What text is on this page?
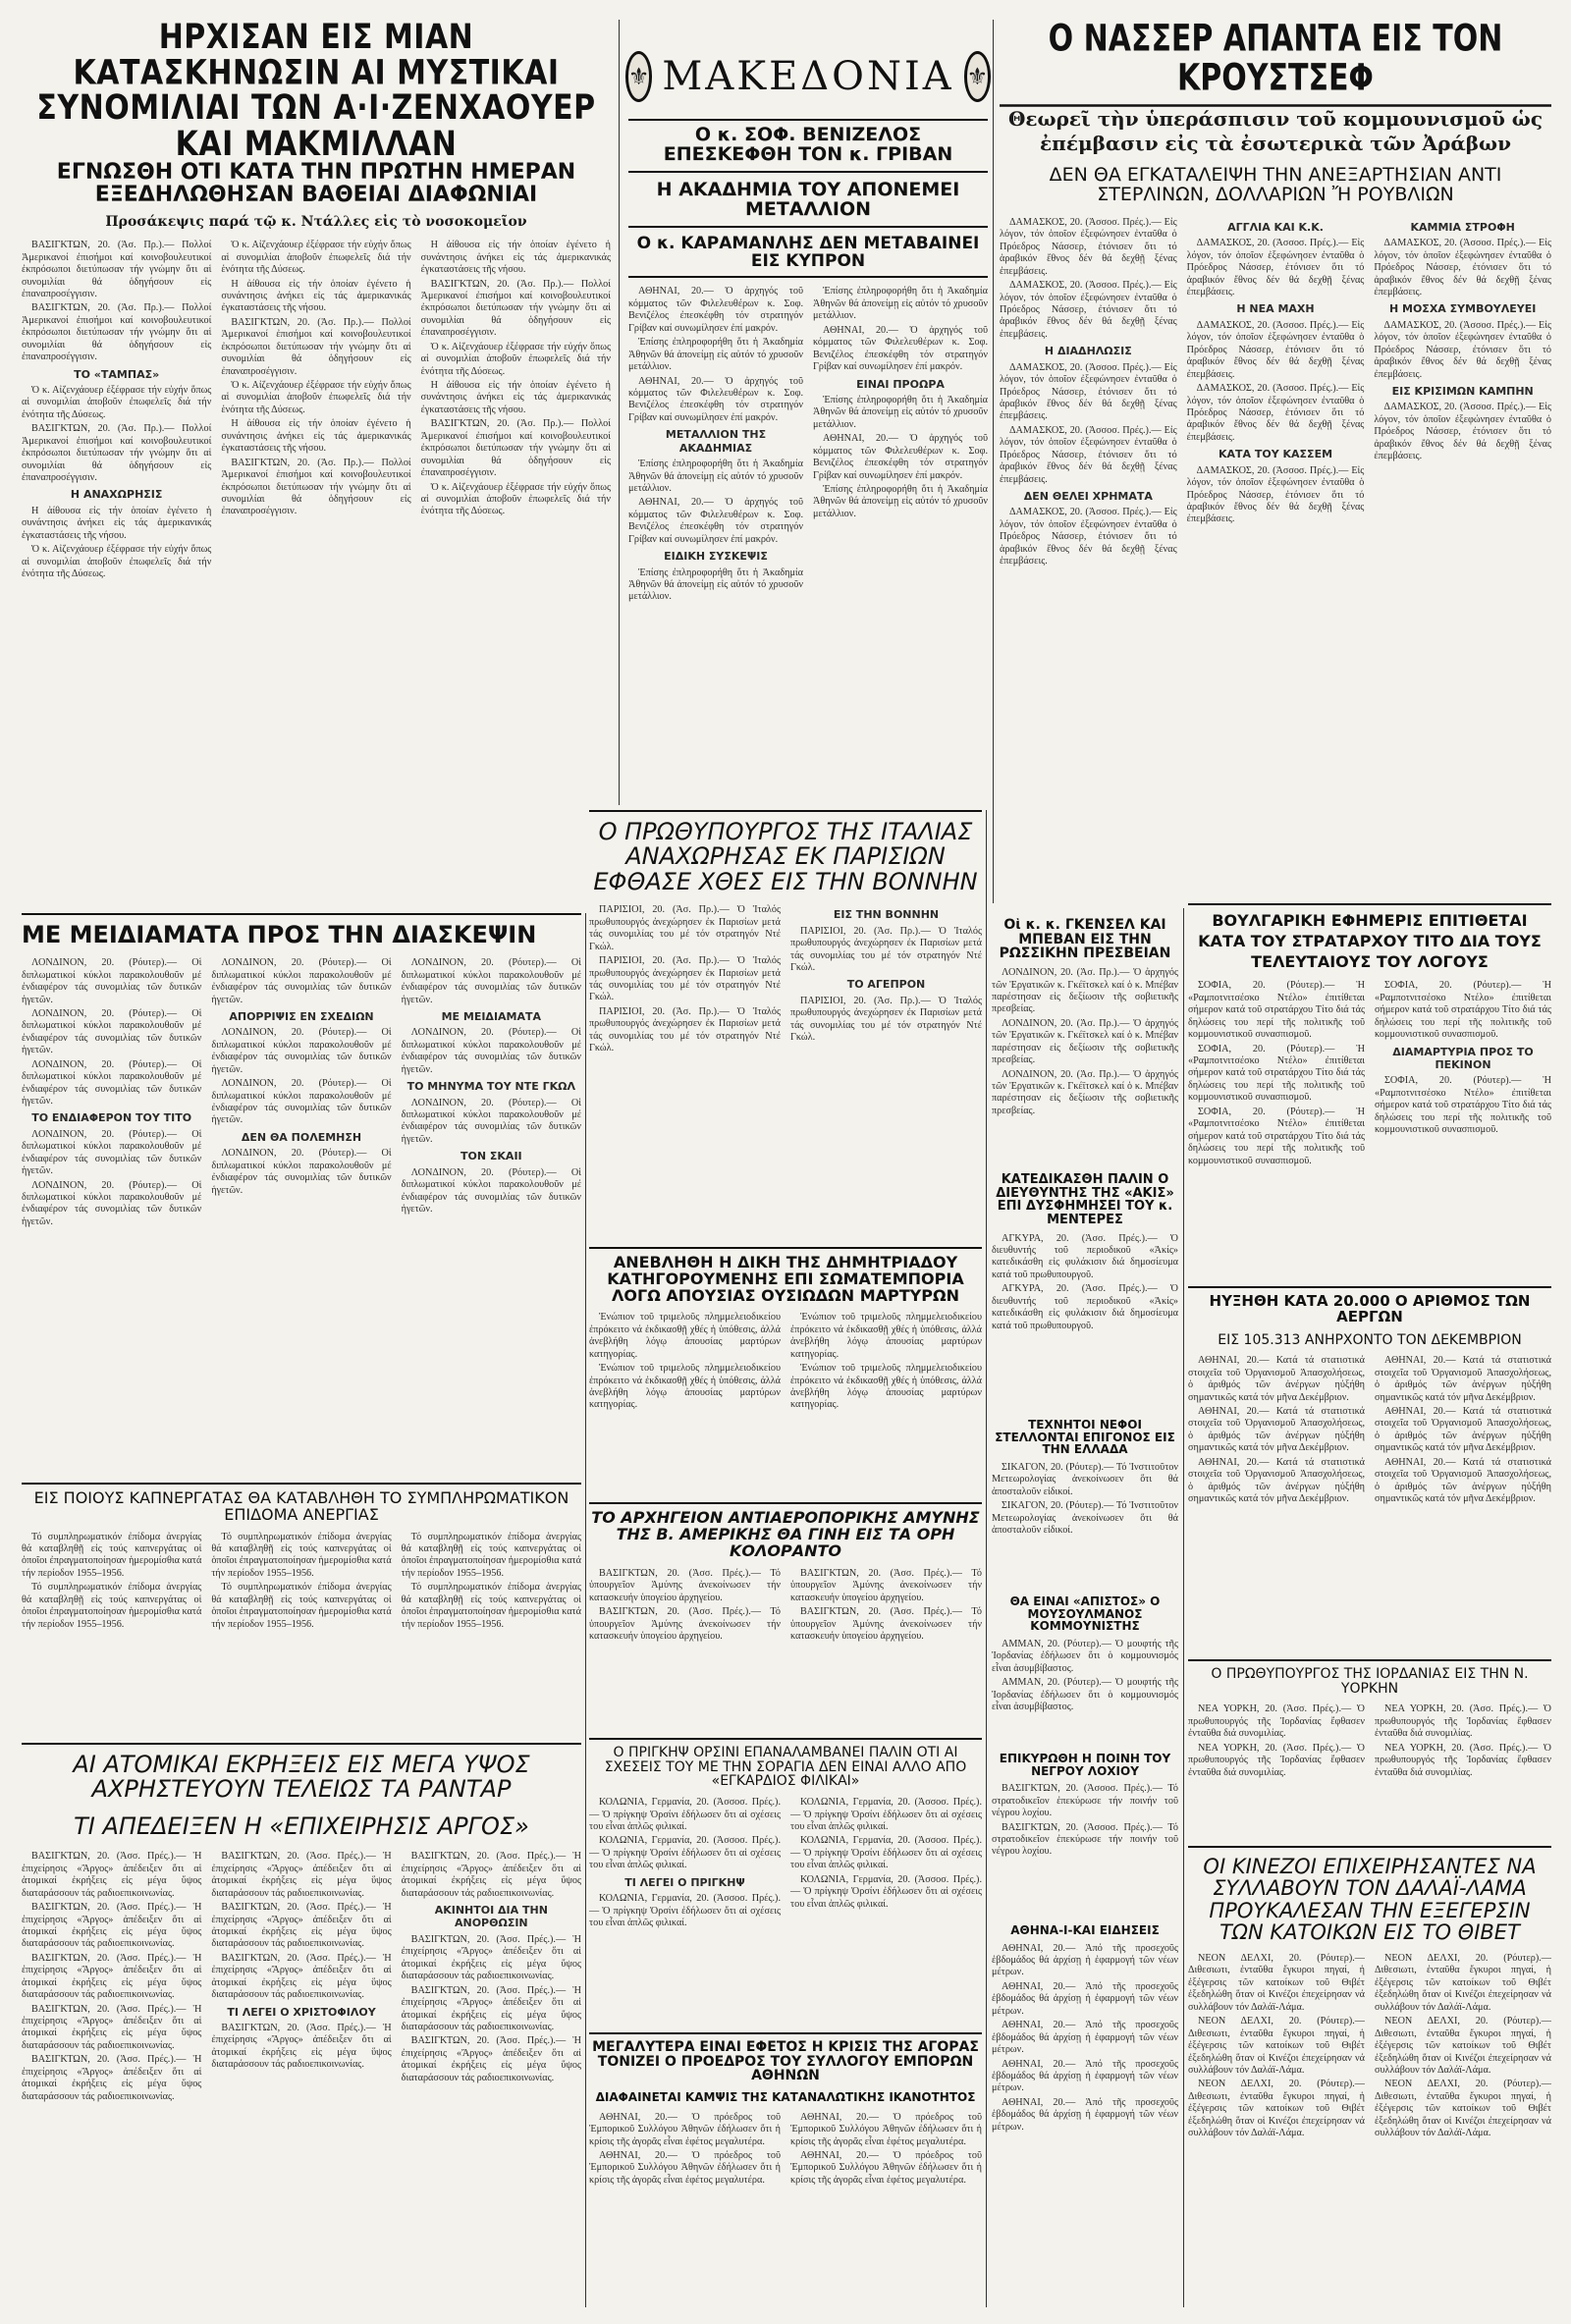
ΗΡΧΙΣΑΝ ΕΙΣ ΜΙΑΝ ΚΑΤΑΣΚΗΝΩΣΙΝ ΑΙ ΜΥΣΤΙΚΑΙ ΣΥΝΟΜΙΛΙΑΙ ΤΩΝ Α·Ι·ΖΕΝΧΑΟΥΕΡ ΚΑΙ ΜΑΚΜΙΛΛΑΝ
ΕΓΝΩΣΘΗ ΟΤΙ ΚΑΤΑ ΤΗΝ ΠΡΩΤΗΝ ΗΜΕΡΑΝ ΕΞΕΔΗΛΩΘΗΣΑΝ ΒΑΘΕΙΑΙ ΔΙΑΦΩΝΙΑΙ
Προσάκεψις παρά τῷ κ. Ντάλλες εἰς τὸ νοσοκομεῖον

ΒΑΣΙΓΚΤΩΝ, 20. (Ἀσ. Πρ.).— Πολλοί Ἀμερικανοί ἐπισήμοι καί κοινοβουλευτικοί ἐκπρόσωποι διετύπωσαν τήν γνώμην ὅτι αἱ συνομιλίαι θά ὁδηγήσουν εἰς ἐπαναπροσέγγισιν.

ΒΑΣΙΓΚΤΩΝ, 20. (Ἀσ. Πρ.).— Πολλοί Ἀμερικανοί ἐπισήμοι καί κοινοβουλευτικοί ἐκπρόσωποι διετύπωσαν τήν γνώμην ὅτι αἱ συνομιλίαι θά ὁδηγήσουν εἰς ἐπαναπροσέγγισιν.

ΤΟ «ΤΑΜΠΑΣ»

Ὁ κ. Αἰζενχάουερ ἐξέφρασε τήν εὐχήν ὅπως αἱ συνομιλίαι ἀποβοῦν ἐπωφελεῖς διά τήν ἑνότητα τῆς Δύσεως.

ΒΑΣΙΓΚΤΩΝ, 20. (Ἀσ. Πρ.).— Πολλοί Ἀμερικανοί ἐπισήμοι καί κοινοβουλευτικοί ἐκπρόσωποι διετύπωσαν τήν γνώμην ὅτι αἱ συνομιλίαι θά ὁδηγήσουν εἰς ἐπαναπροσέγγισιν.

Η ΑΝΑΧΩΡΗΣΙΣ

Η ἀίθουσα εἰς τήν ὁποίαν ἐγένετο ἡ συνάντησις ἀνήκει εἰς τάς ἀμερικανικάς ἐγκαταστάσεις τῆς νήσου.

Ὁ κ. Αἰζενχάουερ ἐξέφρασε τήν εὐχήν ὅπως αἱ συνομιλίαι ἀποβοῦν ἐπωφελεῖς διά τήν ἑνότητα τῆς Δύσεως.

Ὁ κ. Αἰζενχάουερ ἐξέφρασε τήν εὐχήν ὅπως αἱ συνομιλίαι ἀποβοῦν ἐπωφελεῖς διά τήν ἑνότητα τῆς Δύσεως.

Η ἀίθουσα εἰς τήν ὁποίαν ἐγένετο ἡ συνάντησις ἀνήκει εἰς τάς ἀμερικανικάς ἐγκαταστάσεις τῆς νήσου.

ΒΑΣΙΓΚΤΩΝ, 20. (Ἀσ. Πρ.).— Πολλοί Ἀμερικανοί ἐπισήμοι καί κοινοβουλευτικοί ἐκπρόσωποι διετύπωσαν τήν γνώμην ὅτι αἱ συνομιλίαι θά ὁδηγήσουν εἰς ἐπαναπροσέγγισιν.

Ὁ κ. Αἰζενχάουερ ἐξέφρασε τήν εὐχήν ὅπως αἱ συνομιλίαι ἀποβοῦν ἐπωφελεῖς διά τήν ἑνότητα τῆς Δύσεως.

Η ἀίθουσα εἰς τήν ὁποίαν ἐγένετο ἡ συνάντησις ἀνήκει εἰς τάς ἀμερικανικάς ἐγκαταστάσεις τῆς νήσου.

ΒΑΣΙΓΚΤΩΝ, 20. (Ἀσ. Πρ.).— Πολλοί Ἀμερικανοί ἐπισήμοι καί κοινοβουλευτικοί ἐκπρόσωποι διετύπωσαν τήν γνώμην ὅτι αἱ συνομιλίαι θά ὁδηγήσουν εἰς ἐπαναπροσέγγισιν.

Η ἀίθουσα εἰς τήν ὁποίαν ἐγένετο ἡ συνάντησις ἀνήκει εἰς τάς ἀμερικανικάς ἐγκαταστάσεις τῆς νήσου.

ΒΑΣΙΓΚΤΩΝ, 20. (Ἀσ. Πρ.).— Πολλοί Ἀμερικανοί ἐπισήμοι καί κοινοβουλευτικοί ἐκπρόσωποι διετύπωσαν τήν γνώμην ὅτι αἱ συνομιλίαι θά ὁδηγήσουν εἰς ἐπαναπροσέγγισιν.

Ὁ κ. Αἰζενχάουερ ἐξέφρασε τήν εὐχήν ὅπως αἱ συνομιλίαι ἀποβοῦν ἐπωφελεῖς διά τήν ἑνότητα τῆς Δύσεως.

Η ἀίθουσα εἰς τήν ὁποίαν ἐγένετο ἡ συνάντησις ἀνήκει εἰς τάς ἀμερικανικάς ἐγκαταστάσεις τῆς νήσου.

ΒΑΣΙΓΚΤΩΝ, 20. (Ἀσ. Πρ.).— Πολλοί Ἀμερικανοί ἐπισήμοι καί κοινοβουλευτικοί ἐκπρόσωποι διετύπωσαν τήν γνώμην ὅτι αἱ συνομιλίαι θά ὁδηγήσουν εἰς ἐπαναπροσέγγισιν.

Ὁ κ. Αἰζενχάουερ ἐξέφρασε τήν εὐχήν ὅπως αἱ συνομιλίαι ἀποβοῦν ἐπωφελεῖς διά τήν ἑνότητα τῆς Δύσεως.

⚜ ΜΑΚΕΔΟΝΙΑ ⚜
Ο κ. ΣΟΦ. ΒΕΝΙΖΕΛΟΣ ΕΠΕΣΚΕΦΘΗ ΤΟΝ κ. ΓΡΙΒΑΝ
Η ΑΚΑΔΗΜΙΑ ΤΟΥ ΑΠΟΝΕΜΕΙ ΜΕΤΑΛΛΙΟΝ
Ο κ. ΚΑΡΑΜΑΝΛΗΣ ΔΕΝ ΜΕΤΑΒΑΙΝΕΙ ΕΙΣ ΚΥΠΡΟΝ

ΑΘΗΝΑΙ, 20.— Ὁ ἀρχηγός τοῦ κόμματος τῶν Φιλελευθέρων κ. Σοφ. Βενιζέλος ἐπεσκέφθη τόν στρατηγόν Γρίβαν καί συνωμίλησεν ἐπί μακρόν.

Ἐπίσης ἐπληροφορήθη ὅτι ἡ Ἀκαδημία Ἀθηνῶν θά ἀπονείμῃ εἰς αὐτόν τό χρυσοῦν μετάλλιον.

ΑΘΗΝΑΙ, 20.— Ὁ ἀρχηγός τοῦ κόμματος τῶν Φιλελευθέρων κ. Σοφ. Βενιζέλος ἐπεσκέφθη τόν στρατηγόν Γρίβαν καί συνωμίλησεν ἐπί μακρόν.

ΜΕΤΑΛΛΙΟΝ ΤΗΣ ΑΚΑΔΗΜΙΑΣ

Ἐπίσης ἐπληροφορήθη ὅτι ἡ Ἀκαδημία Ἀθηνῶν θά ἀπονείμῃ εἰς αὐτόν τό χρυσοῦν μετάλλιον.

ΑΘΗΝΑΙ, 20.— Ὁ ἀρχηγός τοῦ κόμματος τῶν Φιλελευθέρων κ. Σοφ. Βενιζέλος ἐπεσκέφθη τόν στρατηγόν Γρίβαν καί συνωμίλησεν ἐπί μακρόν.

ΕΙΔΙΚΗ ΣΥΣΚΕΨΙΣ

Ἐπίσης ἐπληροφορήθη ὅτι ἡ Ἀκαδημία Ἀθηνῶν θά ἀπονείμῃ εἰς αὐτόν τό χρυσοῦν μετάλλιον.

Ἐπίσης ἐπληροφορήθη ὅτι ἡ Ἀκαδημία Ἀθηνῶν θά ἀπονείμῃ εἰς αὐτόν τό χρυσοῦν μετάλλιον.

ΑΘΗΝΑΙ, 20.— Ὁ ἀρχηγός τοῦ κόμματος τῶν Φιλελευθέρων κ. Σοφ. Βενιζέλος ἐπεσκέφθη τόν στρατηγόν Γρίβαν καί συνωμίλησεν ἐπί μακρόν.

ΕΙΝΑΙ ΠΡΟΩΡΑ

Ἐπίσης ἐπληροφορήθη ὅτι ἡ Ἀκαδημία Ἀθηνῶν θά ἀπονείμῃ εἰς αὐτόν τό χρυσοῦν μετάλλιον.

ΑΘΗΝΑΙ, 20.— Ὁ ἀρχηγός τοῦ κόμματος τῶν Φιλελευθέρων κ. Σοφ. Βενιζέλος ἐπεσκέφθη τόν στρατηγόν Γρίβαν καί συνωμίλησεν ἐπί μακρόν.

Ἐπίσης ἐπληροφορήθη ὅτι ἡ Ἀκαδημία Ἀθηνῶν θά ἀπονείμῃ εἰς αὐτόν τό χρυσοῦν μετάλλιον.

Ο ΝΑΣΣΕΡ ΑΠΑΝΤΑ ΕΙΣ ΤΟΝ ΚΡΟΥΣΤΣΕΦ
Θεωρεῖ τὴν ὑπεράσπισιν τοῦ κομμουνισμοῦ ὡς ἐπέμβασιν εἰς τὰ ἐσωτερικὰ τῶν Ἀράβων
ΔΕΝ ΘΑ ΕΓΚΑΤΑΛΕΙΨΗ ΤΗΝ ΑΝΕΞΑΡΤΗΣΙΑΝ ΑΝΤΙ ΣΤΕΡΛΙΝΩΝ, ΔΟΛΛΑΡΙΩΝ Ἤ ΡΟΥΒΛΙΩΝ

ΔΑΜΑΣΚΟΣ, 20. (Ἀσσοσ. Πρές.).— Εἰς λόγον, τόν ὁποῖον ἐξεφώνησεν ἐνταῦθα ὁ Πρόεδρος Νάσσερ, ἐτόνισεν ὅτι τό ἀραβικόν ἔθνος δέν θά δεχθῇ ξένας ἐπεμβάσεις.

ΔΑΜΑΣΚΟΣ, 20. (Ἀσσοσ. Πρές.).— Εἰς λόγον, τόν ὁποῖον ἐξεφώνησεν ἐνταῦθα ὁ Πρόεδρος Νάσσερ, ἐτόνισεν ὅτι τό ἀραβικόν ἔθνος δέν θά δεχθῇ ξένας ἐπεμβάσεις.

Η ΔΙΑΔΗΛΩΣΙΣ

ΔΑΜΑΣΚΟΣ, 20. (Ἀσσοσ. Πρές.).— Εἰς λόγον, τόν ὁποῖον ἐξεφώνησεν ἐνταῦθα ὁ Πρόεδρος Νάσσερ, ἐτόνισεν ὅτι τό ἀραβικόν ἔθνος δέν θά δεχθῇ ξένας ἐπεμβάσεις.

ΔΑΜΑΣΚΟΣ, 20. (Ἀσσοσ. Πρές.).— Εἰς λόγον, τόν ὁποῖον ἐξεφώνησεν ἐνταῦθα ὁ Πρόεδρος Νάσσερ, ἐτόνισεν ὅτι τό ἀραβικόν ἔθνος δέν θά δεχθῇ ξένας ἐπεμβάσεις.

ΔΕΝ ΘΕΛΕΙ ΧΡΗΜΑΤΑ

ΔΑΜΑΣΚΟΣ, 20. (Ἀσσοσ. Πρές.).— Εἰς λόγον, τόν ὁποῖον ἐξεφώνησεν ἐνταῦθα ὁ Πρόεδρος Νάσσερ, ἐτόνισεν ὅτι τό ἀραβικόν ἔθνος δέν θά δεχθῇ ξένας ἐπεμβάσεις.

ΑΓΓΛΙΑ ΚΑΙ Κ.Κ.

ΔΑΜΑΣΚΟΣ, 20. (Ἀσσοσ. Πρές.).— Εἰς λόγον, τόν ὁποῖον ἐξεφώνησεν ἐνταῦθα ὁ Πρόεδρος Νάσσερ, ἐτόνισεν ὅτι τό ἀραβικόν ἔθνος δέν θά δεχθῇ ξένας ἐπεμβάσεις.

Η ΝΕΑ ΜΑΧΗ

ΔΑΜΑΣΚΟΣ, 20. (Ἀσσοσ. Πρές.).— Εἰς λόγον, τόν ὁποῖον ἐξεφώνησεν ἐνταῦθα ὁ Πρόεδρος Νάσσερ, ἐτόνισεν ὅτι τό ἀραβικόν ἔθνος δέν θά δεχθῇ ξένας ἐπεμβάσεις.

ΔΑΜΑΣΚΟΣ, 20. (Ἀσσοσ. Πρές.).— Εἰς λόγον, τόν ὁποῖον ἐξεφώνησεν ἐνταῦθα ὁ Πρόεδρος Νάσσερ, ἐτόνισεν ὅτι τό ἀραβικόν ἔθνος δέν θά δεχθῇ ξένας ἐπεμβάσεις.

ΚΑΤΑ ΤΟΥ ΚΑΣΣΕΜ

ΔΑΜΑΣΚΟΣ, 20. (Ἀσσοσ. Πρές.).— Εἰς λόγον, τόν ὁποῖον ἐξεφώνησεν ἐνταῦθα ὁ Πρόεδρος Νάσσερ, ἐτόνισεν ὅτι τό ἀραβικόν ἔθνος δέν θά δεχθῇ ξένας ἐπεμβάσεις.

ΚΑΜΜΙΑ ΣΤΡΟΦΗ

ΔΑΜΑΣΚΟΣ, 20. (Ἀσσοσ. Πρές.).— Εἰς λόγον, τόν ὁποῖον ἐξεφώνησεν ἐνταῦθα ὁ Πρόεδρος Νάσσερ, ἐτόνισεν ὅτι τό ἀραβικόν ἔθνος δέν θά δεχθῇ ξένας ἐπεμβάσεις.

Η ΜΟΣΧΑ ΣΥΜΒΟΥΛΕΥΕΙ

ΔΑΜΑΣΚΟΣ, 20. (Ἀσσοσ. Πρές.).— Εἰς λόγον, τόν ὁποῖον ἐξεφώνησεν ἐνταῦθα ὁ Πρόεδρος Νάσσερ, ἐτόνισεν ὅτι τό ἀραβικόν ἔθνος δέν θά δεχθῇ ξένας ἐπεμβάσεις.

ΕΙΣ ΚΡΙΣΙΜΩΝ ΚΑΜΠΗΝ

ΔΑΜΑΣΚΟΣ, 20. (Ἀσσοσ. Πρές.).— Εἰς λόγον, τόν ὁποῖον ἐξεφώνησεν ἐνταῦθα ὁ Πρόεδρος Νάσσερ, ἐτόνισεν ὅτι τό ἀραβικόν ἔθνος δέν θά δεχθῇ ξένας ἐπεμβάσεις.

Ο ΠΡΩΘΥΠΟΥΡΓΟΣ ΤΗΣ ΙΤΑΛΙΑΣ ΑΝΑΧΩΡΗΣΑΣ ΕΚ ΠΑΡΙΣΙΩΝ ΕΦΘΑΣΕ ΧΘΕΣ ΕΙΣ ΤΗΝ ΒΟΝΝΗΝ

ΠΑΡΙΣΙΟΙ, 20. (Ἀσ. Πρ.).— Ὁ Ἰταλός πρωθυπουργός ἀνεχώρησεν ἐκ Παρισίων μετά τάς συνομιλίας του μέ τόν στρατηγόν Ντέ Γκώλ.

ΠΑΡΙΣΙΟΙ, 20. (Ἀσ. Πρ.).— Ὁ Ἰταλός πρωθυπουργός ἀνεχώρησεν ἐκ Παρισίων μετά τάς συνομιλίας του μέ τόν στρατηγόν Ντέ Γκώλ.

ΠΑΡΙΣΙΟΙ, 20. (Ἀσ. Πρ.).— Ὁ Ἰταλός πρωθυπουργός ἀνεχώρησεν ἐκ Παρισίων μετά τάς συνομιλίας του μέ τόν στρατηγόν Ντέ Γκώλ.

ΕΙΣ ΤΗΝ ΒΟΝΝΗΝ

ΠΑΡΙΣΙΟΙ, 20. (Ἀσ. Πρ.).— Ὁ Ἰταλός πρωθυπουργός ἀνεχώρησεν ἐκ Παρισίων μετά τάς συνομιλίας του μέ τόν στρατηγόν Ντέ Γκώλ.

ΤΟ ΑΓΕΠΡΟΝ

ΠΑΡΙΣΙΟΙ, 20. (Ἀσ. Πρ.).— Ὁ Ἰταλός πρωθυπουργός ἀνεχώρησεν ἐκ Παρισίων μετά τάς συνομιλίας του μέ τόν στρατηγόν Ντέ Γκώλ.

Οἱ κ. κ. ΓΚΕΝΣΕΛ ΚΑΙ ΜΠΕΒΑΝ ΕΙΣ ΤΗΝ ΡΩΣΣΙΚΗΝ ΠΡΕΣΒΕΙΑΝ

ΛΟΝΔΙΝΟΝ, 20. (Ἀσ. Πρ.).— Ὁ ἀρχηγός τῶν Ἐργατικῶν κ. Γκέϊτσκελ καί ὁ κ. Μπέβαν παρέστησαν εἰς δεξίωσιν τῆς σοβιετικῆς πρεσβείας.

ΛΟΝΔΙΝΟΝ, 20. (Ἀσ. Πρ.).— Ὁ ἀρχηγός τῶν Ἐργατικῶν κ. Γκέϊτσκελ καί ὁ κ. Μπέβαν παρέστησαν εἰς δεξίωσιν τῆς σοβιετικῆς πρεσβείας.

ΛΟΝΔΙΝΟΝ, 20. (Ἀσ. Πρ.).— Ὁ ἀρχηγός τῶν Ἐργατικῶν κ. Γκέϊτσκελ καί ὁ κ. Μπέβαν παρέστησαν εἰς δεξίωσιν τῆς σοβιετικῆς πρεσβείας.

ΒΟΥΛΓΑΡΙΚΗ ΕΦΗΜΕΡΙΣ ΕΠΙΤΙΘΕΤΑΙ ΚΑΤΑ ΤΟΥ ΣΤΡΑΤΑΡΧΟΥ ΤΙΤΟ ΔΙΑ ΤΟΥΣ ΤΕΛΕΥΤΑΙΟΥΣ ΤΟΥ ΛΟΓΟΥΣ

ΣΟΦΙΑ, 20. (Ρόυτερ).— Ἡ «Ραμποτνιτσέσκο Ντέλο» ἐπιτίθεται σήμερον κατά τοῦ στρατάρχου Τίτο διά τάς δηλώσεις του περί τῆς πολιτικῆς τοῦ κομμουνιστικοῦ συνασπισμοῦ.

ΣΟΦΙΑ, 20. (Ρόυτερ).— Ἡ «Ραμποτνιτσέσκο Ντέλο» ἐπιτίθεται σήμερον κατά τοῦ στρατάρχου Τίτο διά τάς δηλώσεις του περί τῆς πολιτικῆς τοῦ κομμουνιστικοῦ συνασπισμοῦ.

ΣΟΦΙΑ, 20. (Ρόυτερ).— Ἡ «Ραμποτνιτσέσκο Ντέλο» ἐπιτίθεται σήμερον κατά τοῦ στρατάρχου Τίτο διά τάς δηλώσεις του περί τῆς πολιτικῆς τοῦ κομμουνιστικοῦ συνασπισμοῦ.

ΣΟΦΙΑ, 20. (Ρόυτερ).— Ἡ «Ραμποτνιτσέσκο Ντέλο» ἐπιτίθεται σήμερον κατά τοῦ στρατάρχου Τίτο διά τάς δηλώσεις του περί τῆς πολιτικῆς τοῦ κομμουνιστικοῦ συνασπισμοῦ.

ΔΙΑΜΑΡΤΥΡΙΑ ΠΡΟΣ ΤΟ ΠΕΚΙΝΟΝ

ΣΟΦΙΑ, 20. (Ρόυτερ).— Ἡ «Ραμποτνιτσέσκο Ντέλο» ἐπιτίθεται σήμερον κατά τοῦ στρατάρχου Τίτο διά τάς δηλώσεις του περί τῆς πολιτικῆς τοῦ κομμουνιστικοῦ συνασπισμοῦ.

ΜΕ ΜΕΙΔΙΑΜΑΤΑ ΠΡΟΣ ΤΗΝ ΔΙΑΣΚΕΨΙΝ

ΛΟΝΔΙΝΟΝ, 20. (Ρόυτερ).— Οἱ διπλωματικοί κύκλοι παρακολουθοῦν μέ ἐνδιαφέρον τάς συνομιλίας τῶν δυτικῶν ἡγετῶν.

ΛΟΝΔΙΝΟΝ, 20. (Ρόυτερ).— Οἱ διπλωματικοί κύκλοι παρακολουθοῦν μέ ἐνδιαφέρον τάς συνομιλίας τῶν δυτικῶν ἡγετῶν.

ΛΟΝΔΙΝΟΝ, 20. (Ρόυτερ).— Οἱ διπλωματικοί κύκλοι παρακολουθοῦν μέ ἐνδιαφέρον τάς συνομιλίας τῶν δυτικῶν ἡγετῶν.

ΤΟ ΕΝΔΙΑΦΕΡΟΝ ΤΟΥ ΤΙΤΟ

ΛΟΝΔΙΝΟΝ, 20. (Ρόυτερ).— Οἱ διπλωματικοί κύκλοι παρακολουθοῦν μέ ἐνδιαφέρον τάς συνομιλίας τῶν δυτικῶν ἡγετῶν.

ΛΟΝΔΙΝΟΝ, 20. (Ρόυτερ).— Οἱ διπλωματικοί κύκλοι παρακολουθοῦν μέ ἐνδιαφέρον τάς συνομιλίας τῶν δυτικῶν ἡγετῶν.

ΛΟΝΔΙΝΟΝ, 20. (Ρόυτερ).— Οἱ διπλωματικοί κύκλοι παρακολουθοῦν μέ ἐνδιαφέρον τάς συνομιλίας τῶν δυτικῶν ἡγετῶν.

ΑΠΟΡΡΙΨΙΣ ΕΝ ΣΧΕΔΙΩΝ

ΛΟΝΔΙΝΟΝ, 20. (Ρόυτερ).— Οἱ διπλωματικοί κύκλοι παρακολουθοῦν μέ ἐνδιαφέρον τάς συνομιλίας τῶν δυτικῶν ἡγετῶν.

ΛΟΝΔΙΝΟΝ, 20. (Ρόυτερ).— Οἱ διπλωματικοί κύκλοι παρακολουθοῦν μέ ἐνδιαφέρον τάς συνομιλίας τῶν δυτικῶν ἡγετῶν.

ΔΕΝ ΘΑ ΠΟΛΕΜΗΣΗ

ΛΟΝΔΙΝΟΝ, 20. (Ρόυτερ).— Οἱ διπλωματικοί κύκλοι παρακολουθοῦν μέ ἐνδιαφέρον τάς συνομιλίας τῶν δυτικῶν ἡγετῶν.

ΛΟΝΔΙΝΟΝ, 20. (Ρόυτερ).— Οἱ διπλωματικοί κύκλοι παρακολουθοῦν μέ ἐνδιαφέρον τάς συνομιλίας τῶν δυτικῶν ἡγετῶν.

ΜΕ ΜΕΙΔΙΑΜΑΤΑ

ΛΟΝΔΙΝΟΝ, 20. (Ρόυτερ).— Οἱ διπλωματικοί κύκλοι παρακολουθοῦν μέ ἐνδιαφέρον τάς συνομιλίας τῶν δυτικῶν ἡγετῶν.

ΤΟ ΜΗΝΥΜΑ ΤΟΥ ΝΤΕ ΓΚΩΛ

ΛΟΝΔΙΝΟΝ, 20. (Ρόυτερ).— Οἱ διπλωματικοί κύκλοι παρακολουθοῦν μέ ἐνδιαφέρον τάς συνομιλίας τῶν δυτικῶν ἡγετῶν.

ΤΟΝ ΣΚΑΙΙ

ΛΟΝΔΙΝΟΝ, 20. (Ρόυτερ).— Οἱ διπλωματικοί κύκλοι παρακολουθοῦν μέ ἐνδιαφέρον τάς συνομιλίας τῶν δυτικῶν ἡγετῶν.

ΑΝΕΒΛΗΘΗ Η ΔΙΚΗ ΤΗΣ ΔΗΜΗΤΡΙΑΔΟΥ ΚΑΤΗΓΟΡΟΥΜΕΝΗΣ ΕΠΙ ΣΩΜΑΤΕΜΠΟΡΙΑ ΛΟΓΩ ΑΠΟΥΣΙΑΣ ΟΥΣΙΩΔΩΝ ΜΑΡΤΥΡΩΝ

Ἐνώπιον τοῦ τριμελοῦς πλημμελειοδικείου ἐπρόκειτο νά ἐκδικασθῇ χθές ἡ ὑπόθεσις, ἀλλά ἀνεβλήθη λόγῳ ἀπουσίας μαρτύρων κατηγορίας.

Ἐνώπιον τοῦ τριμελοῦς πλημμελειοδικείου ἐπρόκειτο νά ἐκδικασθῇ χθές ἡ ὑπόθεσις, ἀλλά ἀνεβλήθη λόγῳ ἀπουσίας μαρτύρων κατηγορίας.

Ἐνώπιον τοῦ τριμελοῦς πλημμελειοδικείου ἐπρόκειτο νά ἐκδικασθῇ χθές ἡ ὑπόθεσις, ἀλλά ἀνεβλήθη λόγῳ ἀπουσίας μαρτύρων κατηγορίας.

Ἐνώπιον τοῦ τριμελοῦς πλημμελειοδικείου ἐπρόκειτο νά ἐκδικασθῇ χθές ἡ ὑπόθεσις, ἀλλά ἀνεβλήθη λόγῳ ἀπουσίας μαρτύρων κατηγορίας.

ΚΑΤΕΔΙΚΑΣΘΗ ΠΑΛΙΝ Ο ΔΙΕΥΘΥΝΤΗΣ ΤΗΣ «ΑΚΙΣ» ΕΠΙ ΔΥΣΦΗΜΗΣΕΙ ΤΟΥ κ. ΜΕΝΤΕΡΕΣ

ΑΓΚΥΡΑ, 20. (Ἀσσ. Πρές.).— Ὁ διευθυντής τοῦ περιοδικοῦ «Ἀκίς» κατεδικάσθη εἰς φυλάκισιν διά δημοσίευμα κατά τοῦ πρωθυπουργοῦ.

ΑΓΚΥΡΑ, 20. (Ἀσσ. Πρές.).— Ὁ διευθυντής τοῦ περιοδικοῦ «Ἀκίς» κατεδικάσθη εἰς φυλάκισιν διά δημοσίευμα κατά τοῦ πρωθυπουργοῦ.

ΗΥΞΗΘΗ ΚΑΤΑ 20.000 Ο ΑΡΙΘΜΟΣ ΤΩΝ ΑΕΡΓΩΝ
ΕΙΣ 105.313 ΑΝΗΡΧΟΝΤΟ ΤΟΝ ΔΕΚΕΜΒΡΙΟΝ

ΑΘΗΝΑΙ, 20.— Κατά τά στατιστικά στοιχεῖα τοῦ Ὀργανισμοῦ Ἀπασχολήσεως, ὁ ἀριθμός τῶν ἀνέργων ηὐξήθη σημαντικῶς κατά τόν μῆνα Δεκέμβριον.

ΑΘΗΝΑΙ, 20.— Κατά τά στατιστικά στοιχεῖα τοῦ Ὀργανισμοῦ Ἀπασχολήσεως, ὁ ἀριθμός τῶν ἀνέργων ηὐξήθη σημαντικῶς κατά τόν μῆνα Δεκέμβριον.

ΑΘΗΝΑΙ, 20.— Κατά τά στατιστικά στοιχεῖα τοῦ Ὀργανισμοῦ Ἀπασχολήσεως, ὁ ἀριθμός τῶν ἀνέργων ηὐξήθη σημαντικῶς κατά τόν μῆνα Δεκέμβριον.

ΑΘΗΝΑΙ, 20.— Κατά τά στατιστικά στοιχεῖα τοῦ Ὀργανισμοῦ Ἀπασχολήσεως, ὁ ἀριθμός τῶν ἀνέργων ηὐξήθη σημαντικῶς κατά τόν μῆνα Δεκέμβριον.

ΑΘΗΝΑΙ, 20.— Κατά τά στατιστικά στοιχεῖα τοῦ Ὀργανισμοῦ Ἀπασχολήσεως, ὁ ἀριθμός τῶν ἀνέργων ηὐξήθη σημαντικῶς κατά τόν μῆνα Δεκέμβριον.

ΑΘΗΝΑΙ, 20.— Κατά τά στατιστικά στοιχεῖα τοῦ Ὀργανισμοῦ Ἀπασχολήσεως, ὁ ἀριθμός τῶν ἀνέργων ηὐξήθη σημαντικῶς κατά τόν μῆνα Δεκέμβριον.

ΤΕΧΝΗΤΟΙ ΝΕΦΟΙ ΣΤΕΛΛΟΝΤΑΙ ΕΠΙΓΟΝΟΣ ΕΙΣ ΤΗΝ ΕΛΛΑΔΑ

ΣΙΚΑΓΟΝ, 20. (Ρόυτερ).— Τό Ἰνστιτοῦτον Μετεωρολογίας ἀνεκοίνωσεν ὅτι θά ἀποσταλοῦν εἰδικοί.

ΣΙΚΑΓΟΝ, 20. (Ρόυτερ).— Τό Ἰνστιτοῦτον Μετεωρολογίας ἀνεκοίνωσεν ὅτι θά ἀποσταλοῦν εἰδικοί.

ΕΙΣ ΠΟΙΟΥΣ ΚΑΠΝΕΡΓΑΤΑΣ ΘΑ ΚΑΤΑΒΛΗΘΗ ΤΟ ΣΥΜΠΛΗΡΩΜΑΤΙΚΟΝ ΕΠΙΔΟΜΑ ΑΝΕΡΓΙΑΣ

Τό συμπληρωματικόν ἐπίδομα ἀνεργίας θά καταβληθῇ εἰς τούς καπνεργάτας οἱ ὁποῖοι ἐπραγματοποίησαν ἡμερομίσθια κατά τήν περίοδον 1955–1956.

Τό συμπληρωματικόν ἐπίδομα ἀνεργίας θά καταβληθῇ εἰς τούς καπνεργάτας οἱ ὁποῖοι ἐπραγματοποίησαν ἡμερομίσθια κατά τήν περίοδον 1955–1956.

Τό συμπληρωματικόν ἐπίδομα ἀνεργίας θά καταβληθῇ εἰς τούς καπνεργάτας οἱ ὁποῖοι ἐπραγματοποίησαν ἡμερομίσθια κατά τήν περίοδον 1955–1956.

Τό συμπληρωματικόν ἐπίδομα ἀνεργίας θά καταβληθῇ εἰς τούς καπνεργάτας οἱ ὁποῖοι ἐπραγματοποίησαν ἡμερομίσθια κατά τήν περίοδον 1955–1956.

Τό συμπληρωματικόν ἐπίδομα ἀνεργίας θά καταβληθῇ εἰς τούς καπνεργάτας οἱ ὁποῖοι ἐπραγματοποίησαν ἡμερομίσθια κατά τήν περίοδον 1955–1956.

Τό συμπληρωματικόν ἐπίδομα ἀνεργίας θά καταβληθῇ εἰς τούς καπνεργάτας οἱ ὁποῖοι ἐπραγματοποίησαν ἡμερομίσθια κατά τήν περίοδον 1955–1956.

ΤΟ ΑΡΧΗΓΕΙΟΝ ΑΝΤΙΑΕΡΟΠΟΡΙΚΗΣ ΑΜΥΝΗΣ ΤΗΣ Β. ΑΜΕΡΙΚΗΣ ΘΑ ΓΙΝΗ ΕΙΣ ΤΑ ΟΡΗ ΚΟΛΟΡΑΝΤΟ

ΒΑΣΙΓΚΤΩΝ, 20. (Ἀσσ. Πρές.).— Τό ὑπουργεῖον Ἀμύνης ἀνεκοίνωσεν τήν κατασκευήν ὑπογείου ἀρχηγείου.

ΒΑΣΙΓΚΤΩΝ, 20. (Ἀσσ. Πρές.).— Τό ὑπουργεῖον Ἀμύνης ἀνεκοίνωσεν τήν κατασκευήν ὑπογείου ἀρχηγείου.

ΒΑΣΙΓΚΤΩΝ, 20. (Ἀσσ. Πρές.).— Τό ὑπουργεῖον Ἀμύνης ἀνεκοίνωσεν τήν κατασκευήν ὑπογείου ἀρχηγείου.

ΒΑΣΙΓΚΤΩΝ, 20. (Ἀσσ. Πρές.).— Τό ὑπουργεῖον Ἀμύνης ἀνεκοίνωσεν τήν κατασκευήν ὑπογείου ἀρχηγείου.

ΘΑ ΕΙΝΑΙ «ΑΠΙΣΤΟΣ» Ο ΜΟΥΣΟΥΛΜΑΝΟΣ ΚΟΜΜΟΥΝΙΣΤΗΣ

ΑΜΜΑΝ, 20. (Ρόυτερ).— Ὁ μουφτής τῆς Ἰορδανίας ἐδήλωσεν ὅτι ὁ κομμουνισμός εἶναι ἀσυμβίβαστος.

ΑΜΜΑΝ, 20. (Ρόυτερ).— Ὁ μουφτής τῆς Ἰορδανίας ἐδήλωσεν ὅτι ὁ κομμουνισμός εἶναι ἀσυμβίβαστος.

Ο ΠΡΩΘΥΠΟΥΡΓΟΣ ΤΗΣ ΙΟΡΔΑΝΙΑΣ ΕΙΣ ΤΗΝ Ν. ΥΟΡΚΗΝ

ΝΕΑ ΥΟΡΚΗ, 20. (Ἀσσ. Πρές.).— Ὁ πρωθυπουργός τῆς Ἰορδανίας ἔφθασεν ἐνταῦθα διά συνομιλίας.

ΝΕΑ ΥΟΡΚΗ, 20. (Ἀσσ. Πρές.).— Ὁ πρωθυπουργός τῆς Ἰορδανίας ἔφθασεν ἐνταῦθα διά συνομιλίας.

ΝΕΑ ΥΟΡΚΗ, 20. (Ἀσσ. Πρές.).— Ὁ πρωθυπουργός τῆς Ἰορδανίας ἔφθασεν ἐνταῦθα διά συνομιλίας.

ΝΕΑ ΥΟΡΚΗ, 20. (Ἀσσ. Πρές.).— Ὁ πρωθυπουργός τῆς Ἰορδανίας ἔφθασεν ἐνταῦθα διά συνομιλίας.

ΑΙ ΑΤΟΜΙΚΑΙ ΕΚΡΗΞΕΙΣ ΕΙΣ ΜΕΓΑ ΥΨΟΣ ΑΧΡΗΣΤΕΥΟΥΝ ΤΕΛΕΙΩΣ ΤΑ ΡΑΝΤΑΡ
ΤΙ ΑΠΕΔΕΙΞΕΝ Η «ΕΠΙΧΕΙΡΗΣΙΣ ΑΡΓΟΣ»

ΒΑΣΙΓΚΤΩΝ, 20. (Ἀσσ. Πρές.).— Ἡ ἐπιχείρησις «Ἄργος» ἀπέδειξεν ὅτι αἱ ἀτομικαί ἐκρήξεις εἰς μέγα ὕψος διαταράσσουν τάς ραδιοεπικοινωνίας.

ΒΑΣΙΓΚΤΩΝ, 20. (Ἀσσ. Πρές.).— Ἡ ἐπιχείρησις «Ἄργος» ἀπέδειξεν ὅτι αἱ ἀτομικαί ἐκρήξεις εἰς μέγα ὕψος διαταράσσουν τάς ραδιοεπικοινωνίας.

ΒΑΣΙΓΚΤΩΝ, 20. (Ἀσσ. Πρές.).— Ἡ ἐπιχείρησις «Ἄργος» ἀπέδειξεν ὅτι αἱ ἀτομικαί ἐκρήξεις εἰς μέγα ὕψος διαταράσσουν τάς ραδιοεπικοινωνίας.

ΒΑΣΙΓΚΤΩΝ, 20. (Ἀσσ. Πρές.).— Ἡ ἐπιχείρησις «Ἄργος» ἀπέδειξεν ὅτι αἱ ἀτομικαί ἐκρήξεις εἰς μέγα ὕψος διαταράσσουν τάς ραδιοεπικοινωνίας.

ΒΑΣΙΓΚΤΩΝ, 20. (Ἀσσ. Πρές.).— Ἡ ἐπιχείρησις «Ἄργος» ἀπέδειξεν ὅτι αἱ ἀτομικαί ἐκρήξεις εἰς μέγα ὕψος διαταράσσουν τάς ραδιοεπικοινωνίας.

ΒΑΣΙΓΚΤΩΝ, 20. (Ἀσσ. Πρές.).— Ἡ ἐπιχείρησις «Ἄργος» ἀπέδειξεν ὅτι αἱ ἀτομικαί ἐκρήξεις εἰς μέγα ὕψος διαταράσσουν τάς ραδιοεπικοινωνίας.

ΒΑΣΙΓΚΤΩΝ, 20. (Ἀσσ. Πρές.).— Ἡ ἐπιχείρησις «Ἄργος» ἀπέδειξεν ὅτι αἱ ἀτομικαί ἐκρήξεις εἰς μέγα ὕψος διαταράσσουν τάς ραδιοεπικοινωνίας.

ΒΑΣΙΓΚΤΩΝ, 20. (Ἀσσ. Πρές.).— Ἡ ἐπιχείρησις «Ἄργος» ἀπέδειξεν ὅτι αἱ ἀτομικαί ἐκρήξεις εἰς μέγα ὕψος διαταράσσουν τάς ραδιοεπικοινωνίας.

ΤΙ ΛΕΓΕΙ Ο ΧΡΙΣΤΟΦΙΛΟΥ

ΒΑΣΙΓΚΤΩΝ, 20. (Ἀσσ. Πρές.).— Ἡ ἐπιχείρησις «Ἄργος» ἀπέδειξεν ὅτι αἱ ἀτομικαί ἐκρήξεις εἰς μέγα ὕψος διαταράσσουν τάς ραδιοεπικοινωνίας.

ΒΑΣΙΓΚΤΩΝ, 20. (Ἀσσ. Πρές.).— Ἡ ἐπιχείρησις «Ἄργος» ἀπέδειξεν ὅτι αἱ ἀτομικαί ἐκρήξεις εἰς μέγα ὕψος διαταράσσουν τάς ραδιοεπικοινωνίας.

ΑΚΙΝΗΤΟΙ ΔΙΑ ΤΗΝ ΑΝΟΡΘΩΣΙΝ

ΒΑΣΙΓΚΤΩΝ, 20. (Ἀσσ. Πρές.).— Ἡ ἐπιχείρησις «Ἄργος» ἀπέδειξεν ὅτι αἱ ἀτομικαί ἐκρήξεις εἰς μέγα ὕψος διαταράσσουν τάς ραδιοεπικοινωνίας.

ΒΑΣΙΓΚΤΩΝ, 20. (Ἀσσ. Πρές.).— Ἡ ἐπιχείρησις «Ἄργος» ἀπέδειξεν ὅτι αἱ ἀτομικαί ἐκρήξεις εἰς μέγα ὕψος διαταράσσουν τάς ραδιοεπικοινωνίας.

ΒΑΣΙΓΚΤΩΝ, 20. (Ἀσσ. Πρές.).— Ἡ ἐπιχείρησις «Ἄργος» ἀπέδειξεν ὅτι αἱ ἀτομικαί ἐκρήξεις εἰς μέγα ὕψος διαταράσσουν τάς ραδιοεπικοινωνίας.

Ο ΠΡΙΓΚΗΨ ΟΡΣΙΝΙ ΕΠΑΝΑΛΑΜΒΑΝΕΙ ΠΑΛΙΝ ΟΤΙ ΑΙ ΣΧΕΣΕΙΣ ΤΟΥ ΜΕ ΤΗΝ ΣΟΡΑΓΙΑ ΔΕΝ ΕΙΝΑΙ ΑΛΛΟ ΑΠΟ «ΕΓΚΑΡΔΙΟΣ ΦΙΛΙΚΑΙ»

ΚΟΛΩΝΙΑ, Γερμανία, 20. (Ἀσσοσ. Πρές.).— Ὁ πρίγκηψ Ὀρσίνι ἐδήλωσεν ὅτι αἱ σχέσεις του εἶναι ἀπλῶς φιλικαί.

ΚΟΛΩΝΙΑ, Γερμανία, 20. (Ἀσσοσ. Πρές.).— Ὁ πρίγκηψ Ὀρσίνι ἐδήλωσεν ὅτι αἱ σχέσεις του εἶναι ἀπλῶς φιλικαί.

ΤΙ ΛΕΓΕΙ Ο ΠΡΙΓΚΗΨ

ΚΟΛΩΝΙΑ, Γερμανία, 20. (Ἀσσοσ. Πρές.).— Ὁ πρίγκηψ Ὀρσίνι ἐδήλωσεν ὅτι αἱ σχέσεις του εἶναι ἀπλῶς φιλικαί.

ΚΟΛΩΝΙΑ, Γερμανία, 20. (Ἀσσοσ. Πρές.).— Ὁ πρίγκηψ Ὀρσίνι ἐδήλωσεν ὅτι αἱ σχέσεις του εἶναι ἀπλῶς φιλικαί.

ΚΟΛΩΝΙΑ, Γερμανία, 20. (Ἀσσοσ. Πρές.).— Ὁ πρίγκηψ Ὀρσίνι ἐδήλωσεν ὅτι αἱ σχέσεις του εἶναι ἀπλῶς φιλικαί.

ΚΟΛΩΝΙΑ, Γερμανία, 20. (Ἀσσοσ. Πρές.).— Ὁ πρίγκηψ Ὀρσίνι ἐδήλωσεν ὅτι αἱ σχέσεις του εἶναι ἀπλῶς φιλικαί.

ΕΠΙΚΥΡΩΘΗ Η ΠΟΙΝΗ ΤΟΥ ΝΕΓΡΟΥ ΛΟΧΙΟΥ

ΒΑΣΙΓΚΤΩΝ, 20. (Ἀσσοσ. Πρές.).— Τό στρατοδικεῖον ἐπεκύρωσε τήν ποινήν τοῦ νέγρου λοχίου.

ΒΑΣΙΓΚΤΩΝ, 20. (Ἀσσοσ. Πρές.).— Τό στρατοδικεῖον ἐπεκύρωσε τήν ποινήν τοῦ νέγρου λοχίου.

ΟΙ ΚΙΝΕΖΟΙ ΕΠΙΧΕΙΡΗΣΑΝΤΕΣ ΝΑ ΣΥΛΛΑΒΟΥΝ ΤΟΝ ΔΑΛΑΪ-ΛΑΜΑ ΠΡΟΥΚΑΛΕΣΑΝ ΤΗΝ ΕΞΕΓΕΡΣΙΝ ΤΩΝ ΚΑΤΟΙΚΩΝ ΕΙΣ ΤΟ ΘΙΒΕΤ

ΝΕΟΝ ΔΕΛΧΙ, 20. (Ρόυτερ).— Διθεσιωτι, ἐνταῦθα ἔγκυροι πηγαί, ἡ ἐξέγερσις τῶν κατοίκων τοῦ Θιβέτ ἐξεδηλώθη ὅταν οἱ Κινέζοι ἐπεχείρησαν νά συλλάβουν τόν Δαλάϊ-Λάμα.

ΝΕΟΝ ΔΕΛΧΙ, 20. (Ρόυτερ).— Διθεσιωτι, ἐνταῦθα ἔγκυροι πηγαί, ἡ ἐξέγερσις τῶν κατοίκων τοῦ Θιβέτ ἐξεδηλώθη ὅταν οἱ Κινέζοι ἐπεχείρησαν νά συλλάβουν τόν Δαλάϊ-Λάμα.

ΝΕΟΝ ΔΕΛΧΙ, 20. (Ρόυτερ).— Διθεσιωτι, ἐνταῦθα ἔγκυροι πηγαί, ἡ ἐξέγερσις τῶν κατοίκων τοῦ Θιβέτ ἐξεδηλώθη ὅταν οἱ Κινέζοι ἐπεχείρησαν νά συλλάβουν τόν Δαλάϊ-Λάμα.

ΝΕΟΝ ΔΕΛΧΙ, 20. (Ρόυτερ).— Διθεσιωτι, ἐνταῦθα ἔγκυροι πηγαί, ἡ ἐξέγερσις τῶν κατοίκων τοῦ Θιβέτ ἐξεδηλώθη ὅταν οἱ Κινέζοι ἐπεχείρησαν νά συλλάβουν τόν Δαλάϊ-Λάμα.

ΝΕΟΝ ΔΕΛΧΙ, 20. (Ρόυτερ).— Διθεσιωτι, ἐνταῦθα ἔγκυροι πηγαί, ἡ ἐξέγερσις τῶν κατοίκων τοῦ Θιβέτ ἐξεδηλώθη ὅταν οἱ Κινέζοι ἐπεχείρησαν νά συλλάβουν τόν Δαλάϊ-Λάμα.

ΝΕΟΝ ΔΕΛΧΙ, 20. (Ρόυτερ).— Διθεσιωτι, ἐνταῦθα ἔγκυροι πηγαί, ἡ ἐξέγερσις τῶν κατοίκων τοῦ Θιβέτ ἐξεδηλώθη ὅταν οἱ Κινέζοι ἐπεχείρησαν νά συλλάβουν τόν Δαλάϊ-Λάμα.

ΑΘΗΝΑ-Ι-ΚΑΙ ΕΙΔΗΣΕΙΣ

ΑΘΗΝΑΙ, 20.— Ἀπό τῆς προσεχοῦς ἑβδομάδος θά ἀρχίσῃ ἡ ἐφαρμογή τῶν νέων μέτρων.

ΑΘΗΝΑΙ, 20.— Ἀπό τῆς προσεχοῦς ἑβδομάδος θά ἀρχίσῃ ἡ ἐφαρμογή τῶν νέων μέτρων.

ΑΘΗΝΑΙ, 20.— Ἀπό τῆς προσεχοῦς ἑβδομάδος θά ἀρχίσῃ ἡ ἐφαρμογή τῶν νέων μέτρων.

ΑΘΗΝΑΙ, 20.— Ἀπό τῆς προσεχοῦς ἑβδομάδος θά ἀρχίσῃ ἡ ἐφαρμογή τῶν νέων μέτρων.

ΑΘΗΝΑΙ, 20.— Ἀπό τῆς προσεχοῦς ἑβδομάδος θά ἀρχίσῃ ἡ ἐφαρμογή τῶν νέων μέτρων.

ΜΕΓΑΛΥΤΕΡΑ ΕΙΝΑΙ ΕΦΕΤΟΣ Η ΚΡΙΣΙΣ ΤΗΣ ΑΓΟΡΑΣ ΤΟΝΙΖΕΙ Ο ΠΡΟΕΔΡΟΣ ΤΟΥ ΣΥΛΛΟΓΟΥ ΕΜΠΟΡΩΝ ΑΘΗΝΩΝ
ΔΙΑΦΑΙΝΕΤΑΙ ΚΑΜΨΙΣ ΤΗΣ ΚΑΤΑΝΑΛΩΤΙΚΗΣ ΙΚΑΝΟΤΗΤΟΣ

ΑΘΗΝΑΙ, 20.— Ὁ πρόεδρος τοῦ Ἐμπορικοῦ Συλλόγου Ἀθηνῶν ἐδήλωσεν ὅτι ἡ κρίσις τῆς ἀγορᾶς εἶναι ἐφέτος μεγαλυτέρα.

ΑΘΗΝΑΙ, 20.— Ὁ πρόεδρος τοῦ Ἐμπορικοῦ Συλλόγου Ἀθηνῶν ἐδήλωσεν ὅτι ἡ κρίσις τῆς ἀγορᾶς εἶναι ἐφέτος μεγαλυτέρα.

ΑΘΗΝΑΙ, 20.— Ὁ πρόεδρος τοῦ Ἐμπορικοῦ Συλλόγου Ἀθηνῶν ἐδήλωσεν ὅτι ἡ κρίσις τῆς ἀγορᾶς εἶναι ἐφέτος μεγαλυτέρα.

ΑΘΗΝΑΙ, 20.— Ὁ πρόεδρος τοῦ Ἐμπορικοῦ Συλλόγου Ἀθηνῶν ἐδήλωσεν ὅτι ἡ κρίσις τῆς ἀγορᾶς εἶναι ἐφέτος μεγαλυτέρα.
